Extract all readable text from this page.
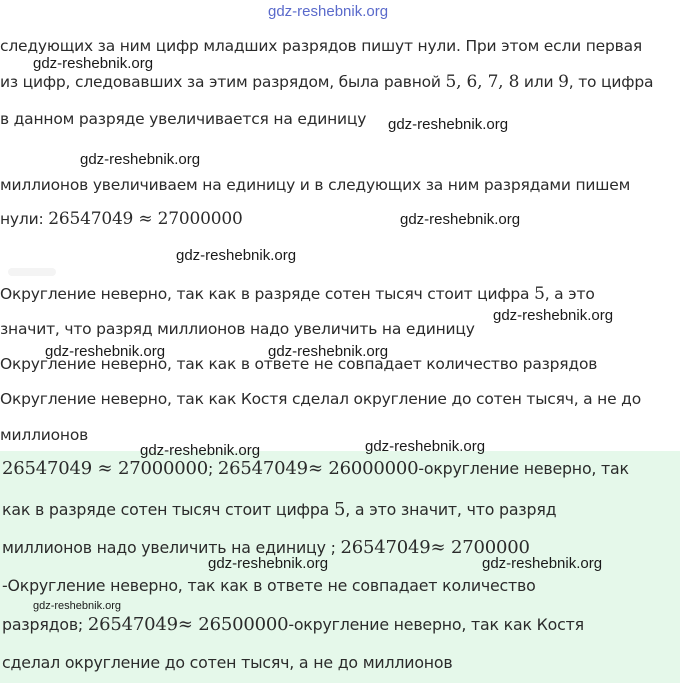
gdz-reshebnik.org
следующих за ним цифр младших разрядов пишут нули. При этом если первая
gdz-reshebnik.org
из цифр, следовавших за этим разрядом, была равной 5, 6, 7, 8 или 9, то цифра
в данном разряде увеличивается на единицу gdz-reshebnik.org
gdz-reshebnik.org
миллионов увеличиваем на единицу и в следующих за ним разрядами пишем
нули: 26547049 ≈ 27000000	gdz-reshebnik.org
gdz-reshebnik.org
Округление неверно, так как в разряде сотен тысяч стоит цифра 5, а это
gdz-reshebnik.org
значит, что разряд миллионов надо увеличить на единицу
gdz-reshebnik.org	gdz-reshebnik.org
Округление неверно, так как в ответе не совпадает количество разрядов
Округление неверно, так как Костя сделал округление до сотен тысяч, а не до
миллионов
26547049 ≈ 27000000; 26547049≈ 26000000-округление неверно, так
как в разряде сотен тысяч стоит цифра 5, а это значит, что разряд
миллионов надо увеличить на единицу ; 26547049≈ 2700000
-Округление неверно, так как в ответе не совпадает количество
разрядов; 26547049≈ 26500000-округление неверно, так как Костя
сделал округление до сотен тысяч, а не до миллионов
gdz-reshebnik.org	gdz-reshebnik.org
gdz-reshebnik.org	gdz-reshebnik.org
gdz-reshebnik.org
